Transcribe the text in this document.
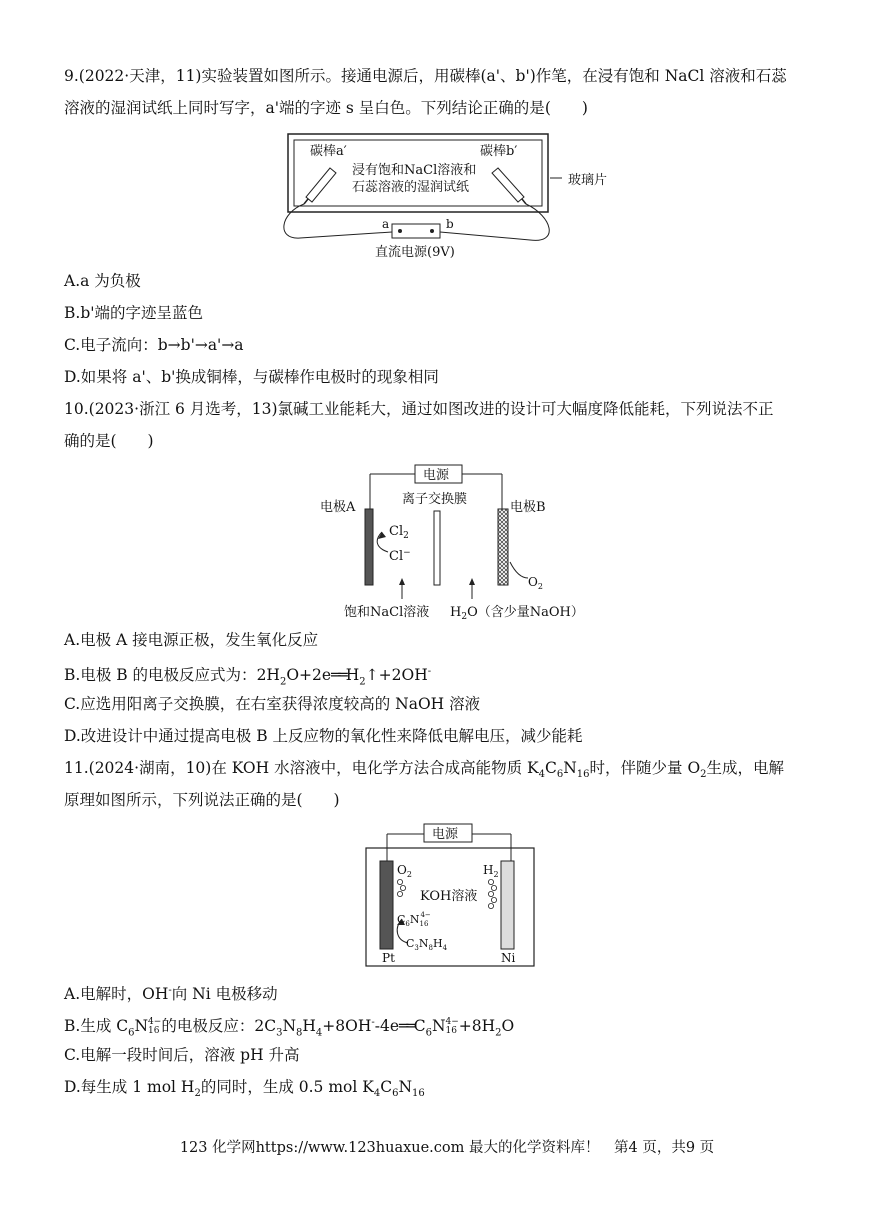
9.(2022·天津，11)实验装置如图所示。接通电源后，用碳棒(a'、b')作笔，在浸有饱和 NaCl 溶液和石蕊
溶液的湿润试纸上同时写字，a'端的字迹 s 呈白色。下列结论正确的是(　　)
碳棒a′	碳棒b′
浸有饱和NaCl溶液和
石蕊溶液的湿润试纸	玻璃片
a	b
直流电源(9V)
A.a 为负极
B.b'端的字迹呈蓝色
C.电子流向：b→b'→a'→a
D.如果将 a'、b'换成铜棒，与碳棒作电极时的现象相同
10.(2023·浙江 6 月选考，13)氯碱工业能耗大，通过如图改进的设计可大幅度降低能耗，下列说法不正
确的是(　　)
电源
电极A
离子交换膜
电极B
$Cl_2$
Cl−
$O_2$
饱和NaCl溶液 $H_2O$（含少量NaOH）
A.电极 A 接电源正极，发生氧化反应
B.电极 B 的电极反应式为：$2H_2O+2e══H_2↑+2OH^-$
C.应选用阳离子交换膜，在右室获得浓度较高的 NaOH 溶液
D.改进设计中通过提高电极 B 上反应物的氧化性来降低电解电压，减少能耗
11.(2024·湖南，10)在 KOH 水溶液中，电化学方法合成高能物质 $K_4C_6N_{16}$时，伴随少量 $O_2$生成，电解
原理如图所示，下列说法正确的是(　　)
电源
$O_2$	$H_2$
KOH溶液
$C_6N_{16}4-$
$C_3N_8H_4$
Pt	Ni
A.电解时，OH-向 Ni 电极移动
B.生成 $C_6N$ 4−
16 的电极反应：$2C_3N_8H_4+8OH^--4e══C_6N$ 4−
$16 +8H_2O$
C.电解一段时间后，溶液 pH 升高
D.每生成 1 mol $H_2$的同时，生成 0.5 mol $K_4C_6N_{16}$
123 化学网https://www.123huaxue.com 最大的化学资料库！　第4 页，共9 页
